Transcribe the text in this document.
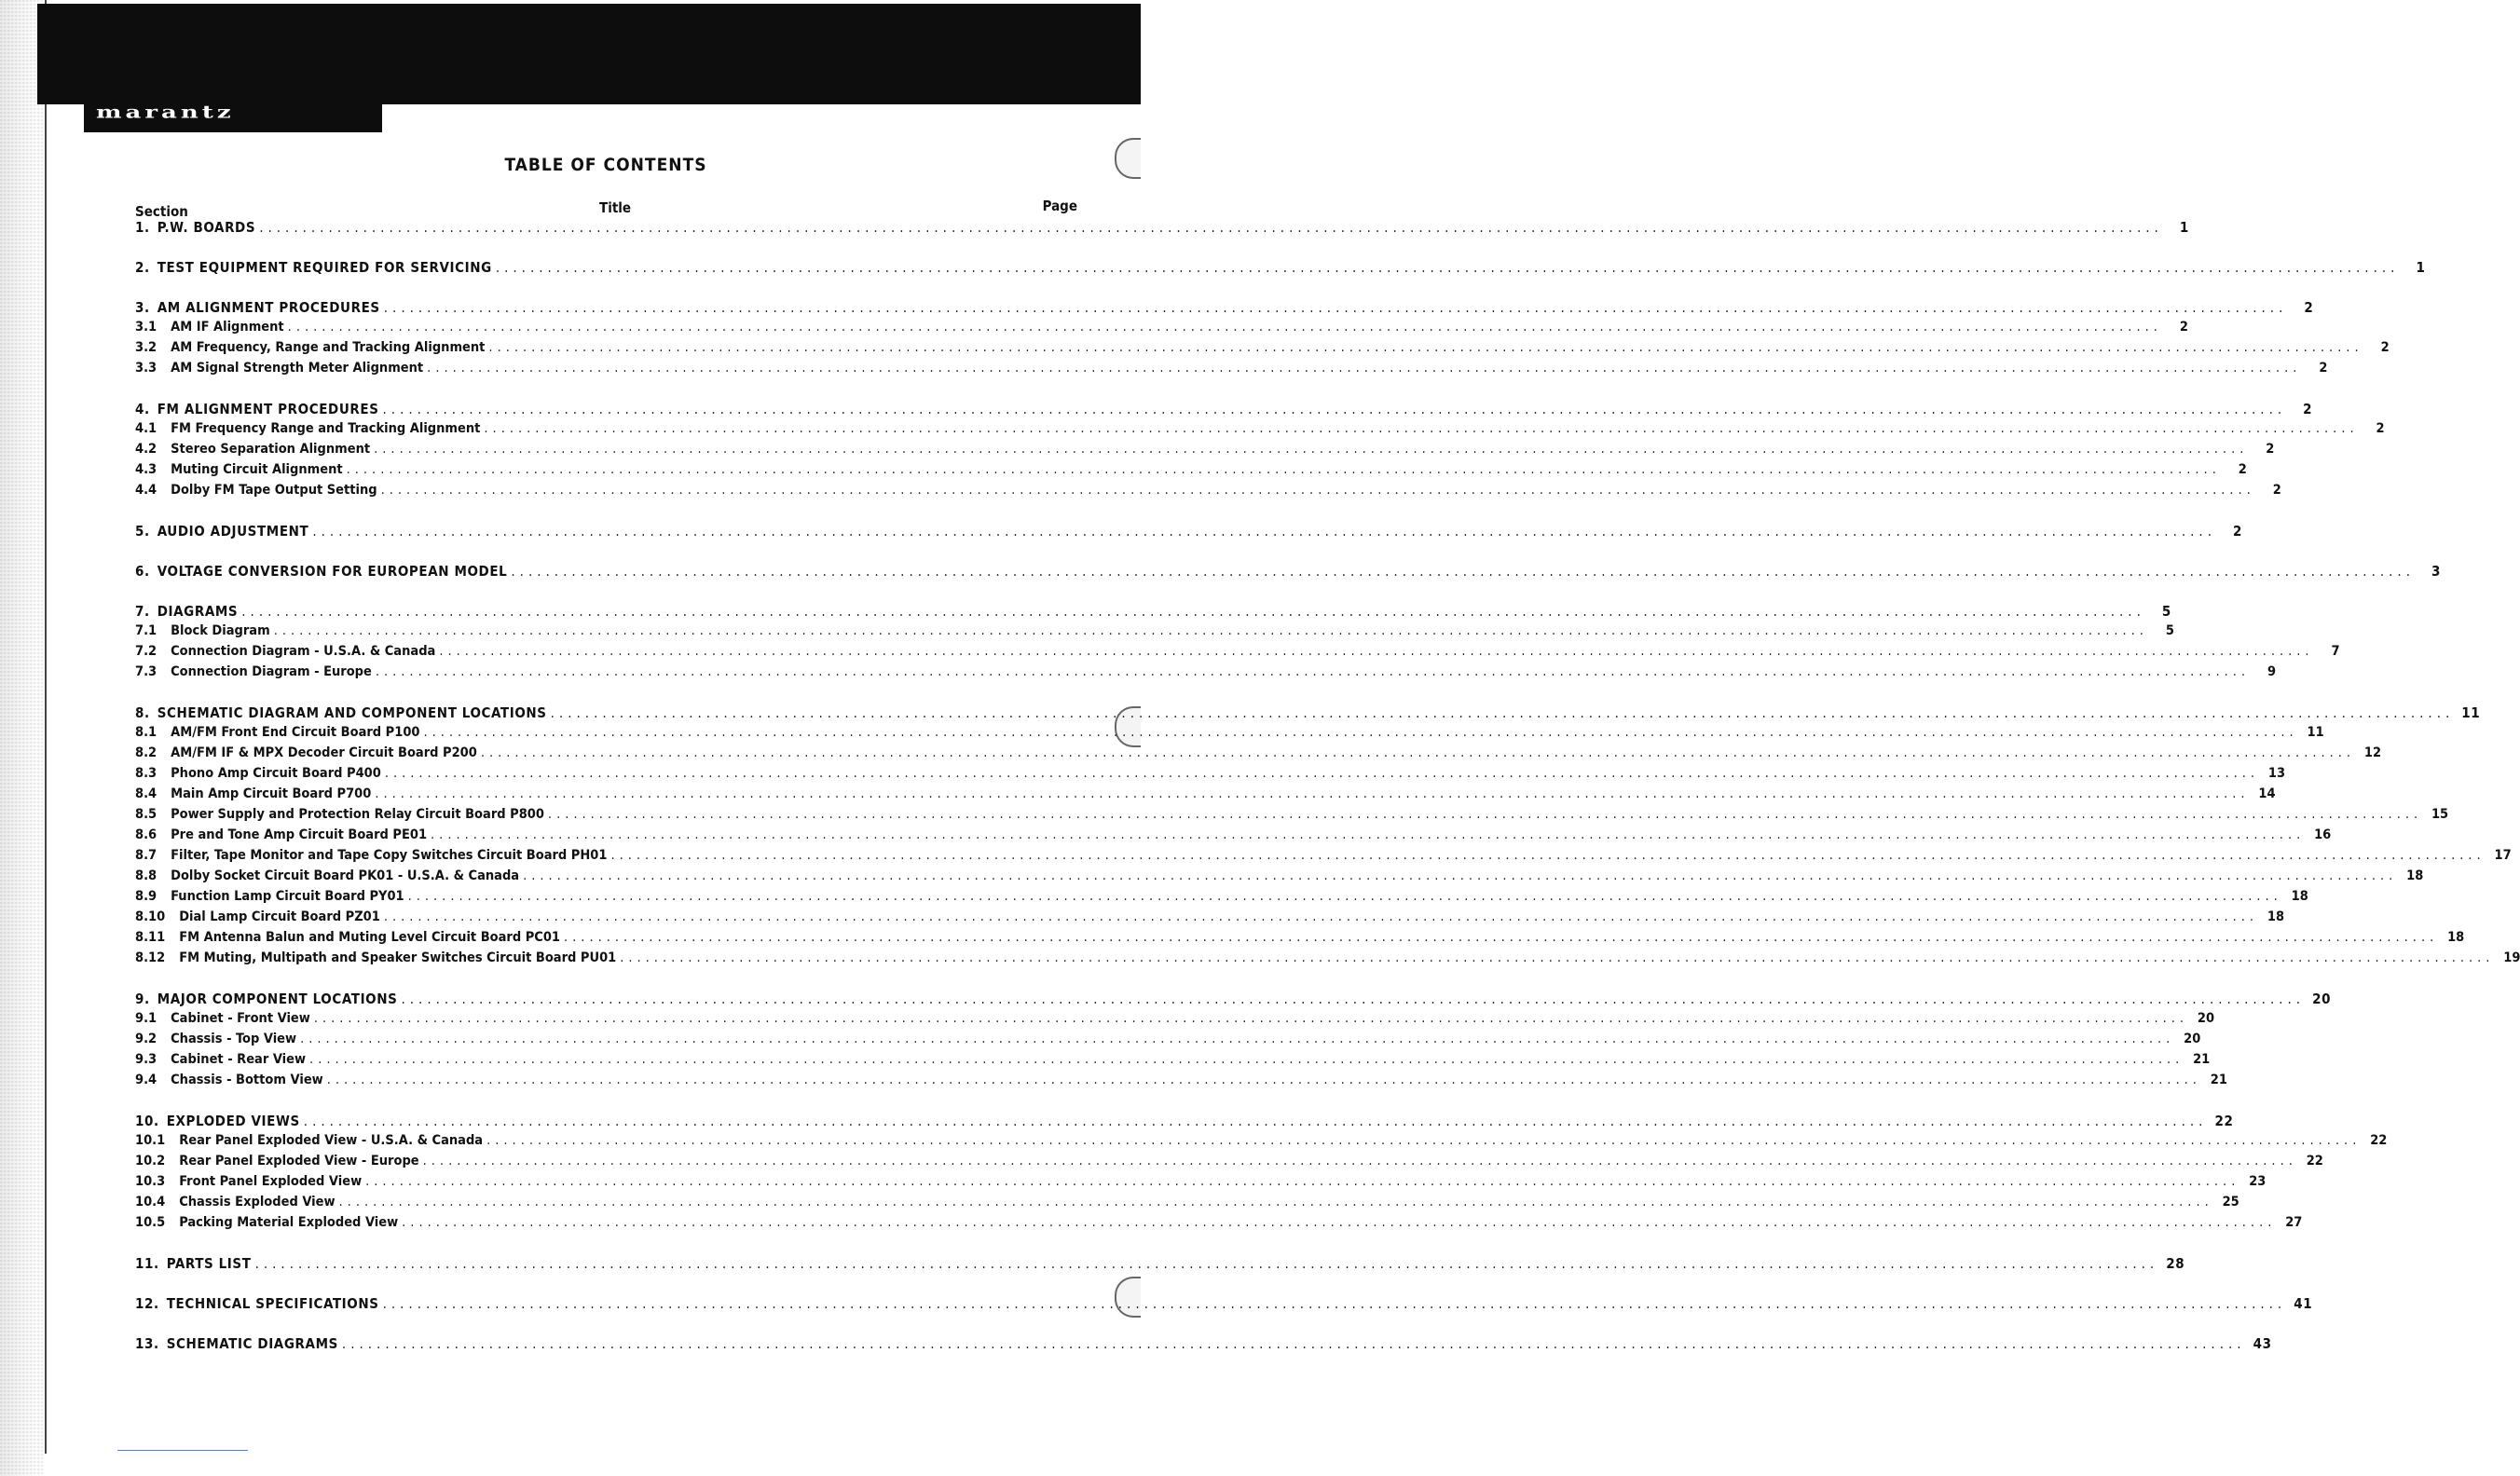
marantz
TABLE OF CONTENTS
Section	Title	Page
1. P.W. BOARDS ............................................................................................................................................................................................................................	1
2. TEST EQUIPMENT REQUIRED FOR SERVICING ............................................................................................................................................................................................................................	1
3. AM ALIGNMENT PROCEDURES ............................................................................................................................................................................................................................	2
3.1 AM IF Alignment ............................................................................................................................................................................................................................	2
3.2 AM Frequency, Range and Tracking Alignment ............................................................................................................................................................................................................................	2
3.3 AM Signal Strength Meter Alignment ............................................................................................................................................................................................................................	2
4. FM ALIGNMENT PROCEDURES ............................................................................................................................................................................................................................	2
4.1 FM Frequency Range and Tracking Alignment ............................................................................................................................................................................................................................	2
4.2 Stereo Separation Alignment ............................................................................................................................................................................................................................	2
4.3 Muting Circuit Alignment ............................................................................................................................................................................................................................	2
4.4 Dolby FM Tape Output Setting ............................................................................................................................................................................................................................	2
5. AUDIO ADJUSTMENT ............................................................................................................................................................................................................................	2
6. VOLTAGE CONVERSION FOR EUROPEAN MODEL ............................................................................................................................................................................................................................	3
7. DIAGRAMS ............................................................................................................................................................................................................................	5
7.1 Block Diagram ............................................................................................................................................................................................................................	5
7.2 Connection Diagram - U.S.A. & Canada ............................................................................................................................................................................................................................	7
7.3 Connection Diagram - Europe ............................................................................................................................................................................................................................	9
8. SCHEMATIC DIAGRAM AND COMPONENT LOCATIONS ............................................................................................................................................................................................................................ 11
8.1 AM/FM Front End Circuit Board P100 ............................................................................................................................................................................................................................ 11
8.2 AM/FM IF & MPX Decoder Circuit Board P200 ............................................................................................................................................................................................................................ 12
8.3 Phono Amp Circuit Board P400 ............................................................................................................................................................................................................................ 13
8.4 Main Amp Circuit Board P700 ............................................................................................................................................................................................................................ 14
8.5 Power Supply and Protection Relay Circuit Board P800 ............................................................................................................................................................................................................................ 15
8.6 Pre and Tone Amp Circuit Board PE01 ............................................................................................................................................................................................................................ 16
8.7 Filter, Tape Monitor and Tape Copy Switches Circuit Board PH01 ............................................................................................................................................................................................................................ 17
8.8 Dolby Socket Circuit Board PK01 - U.S.A. & Canada ............................................................................................................................................................................................................................ 18
8.9 Function Lamp Circuit Board PY01 ............................................................................................................................................................................................................................ 18
8.10 Dial Lamp Circuit Board PZ01 ............................................................................................................................................................................................................................ 18
8.11 FM Antenna Balun and Muting Level Circuit Board PC01 ............................................................................................................................................................................................................................ 18
8.12 FM Muting, Multipath and Speaker Switches Circuit Board PU01 ............................................................................................................................................................................................................................ 19
9. MAJOR COMPONENT LOCATIONS ............................................................................................................................................................................................................................ 20
9.1 Cabinet - Front View ............................................................................................................................................................................................................................ 20
9.2 Chassis - Top View ............................................................................................................................................................................................................................ 20
9.3 Cabinet - Rear View ............................................................................................................................................................................................................................ 21
9.4 Chassis - Bottom View ............................................................................................................................................................................................................................ 21
10. EXPLODED VIEWS ............................................................................................................................................................................................................................ 22
10.1 Rear Panel Exploded View - U.S.A. & Canada ............................................................................................................................................................................................................................ 22
10.2 Rear Panel Exploded View - Europe ............................................................................................................................................................................................................................ 22
10.3 Front Panel Exploded View ............................................................................................................................................................................................................................ 23
10.4 Chassis Exploded View ............................................................................................................................................................................................................................ 25
10.5 Packing Material Exploded View ............................................................................................................................................................................................................................ 27
11. PARTS LIST ............................................................................................................................................................................................................................ 28
12. TECHNICAL SPECIFICATIONS ............................................................................................................................................................................................................................ 41
13. SCHEMATIC DIAGRAMS ............................................................................................................................................................................................................................ 43
